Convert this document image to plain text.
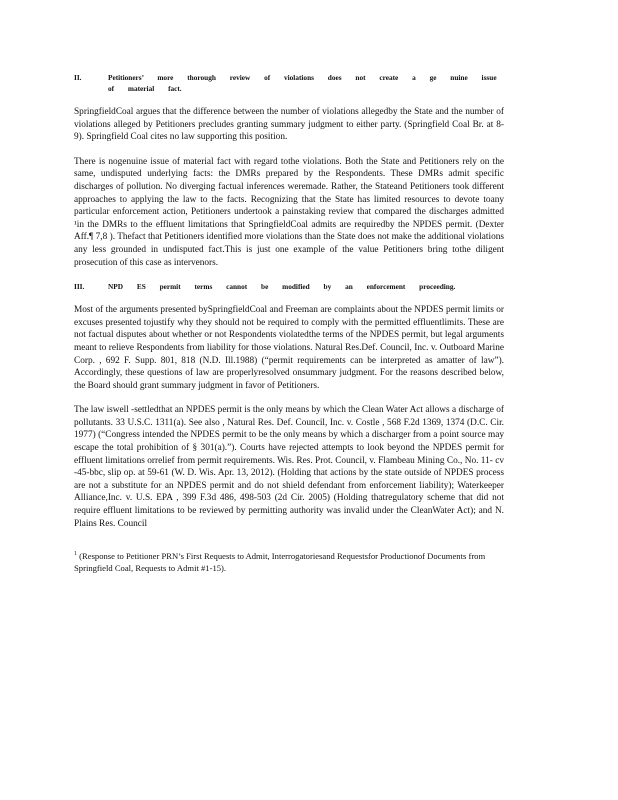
II.	Petitioners’ more thorough review of violations does not create a ge nuine issue of material fact.

SpringfieldCoal argues that the difference between the number of violations allegedby the State and the number of violations alleged by Petitioners precludes granting summary judgment to either party. (Springfield Coal Br. at 8-9). Springfield Coal cites no law supporting this position.

There is nogenuine issue of material fact with regard tothe violations. Both the State and Petitioners rely on the same, undisputed underlying facts: the DMRs prepared by the Respondents. These DMRs admit specific discharges of pollution. No diverging factual inferences weremade. Rather, the Stateand Petitioners took different approaches to applying the law to the facts. Recognizing that the State has limited resources to devote toany particular enforcement action, Petitioners undertook a painstaking review that compared the discharges admitted ¹in the DMRs to the effluent limitations that SpringfieldCoal admits are requiredby the NPDES permit. (Dexter Aff.¶ 7,8 ). Thefact that Petitioners identified more violations than the State does not make the additional violations any less grounded in undisputed fact.This is just one example of the value Petitioners bring tothe diligent prosecution of this case as intervenors.

III.	NPD ES permit terms cannot be modified by an enforcement proceeding.

Most of the arguments presented bySpringfieldCoal and Freeman are complaints about the NPDES permit limits or excuses presented tojustify why they should not be required to comply with the permitted effluentlimits. These are not factual disputes about whether or not Respondents violatedthe terms of the NPDES permit, but legal arguments meant to relieve Respondents from liability for those violations. Natural Res.Def. Council, Inc. v. Outboard Marine Corp. , 692 F. Supp. 801, 818 (N.D. Ill.1988) (“permit requirements can be interpreted as amatter of law”). Accordingly, these questions of law are properlyresolved onsummary judgment. For the reasons described below, the Board should grant summary judgment in favor of Petitioners.

The law iswell -settledthat an NPDES permit is the only means by which the Clean Water Act allows a discharge of pollutants. 33 U.S.C. 1311(a). See also , Natural Res. Def. Council, Inc. v. Costle , 568 F.2d 1369, 1374 (D.C. Cir. 1977) (“Congress intended the NPDES permit to be the only means by which a discharger from a point source may escape the total prohibition of § 301(a).”). Courts have rejected attempts to look beyond the NPDES permit for effluent limitations orrelief from permit requirements. Wis. Res. Prot. Council, v. Flambeau Mining Co., No. 11- cv -45-bbc, slip op. at 59-61 (W. D. Wis. Apr. 13, 2012). (Holding that actions by the state outside of NPDES process are not a substitute for an NPDES permit and do not shield defendant from enforcement liability); Waterkeeper Alliance,Inc. v. U.S. EPA , 399 F.3d 486, 498-503 (2d Cir. 2005) (Holding thatregulatory scheme that did not require effluent limitations to be reviewed by permitting authority was invalid under the CleanWater Act); and N. Plains Res. Council

$^1$ (Response to Petitioner PRN’s First Requests to Admit, Interrogatoriesand Requestsfor Productionof Documents from Springfield Coal, Requests to Admit #1-15).
